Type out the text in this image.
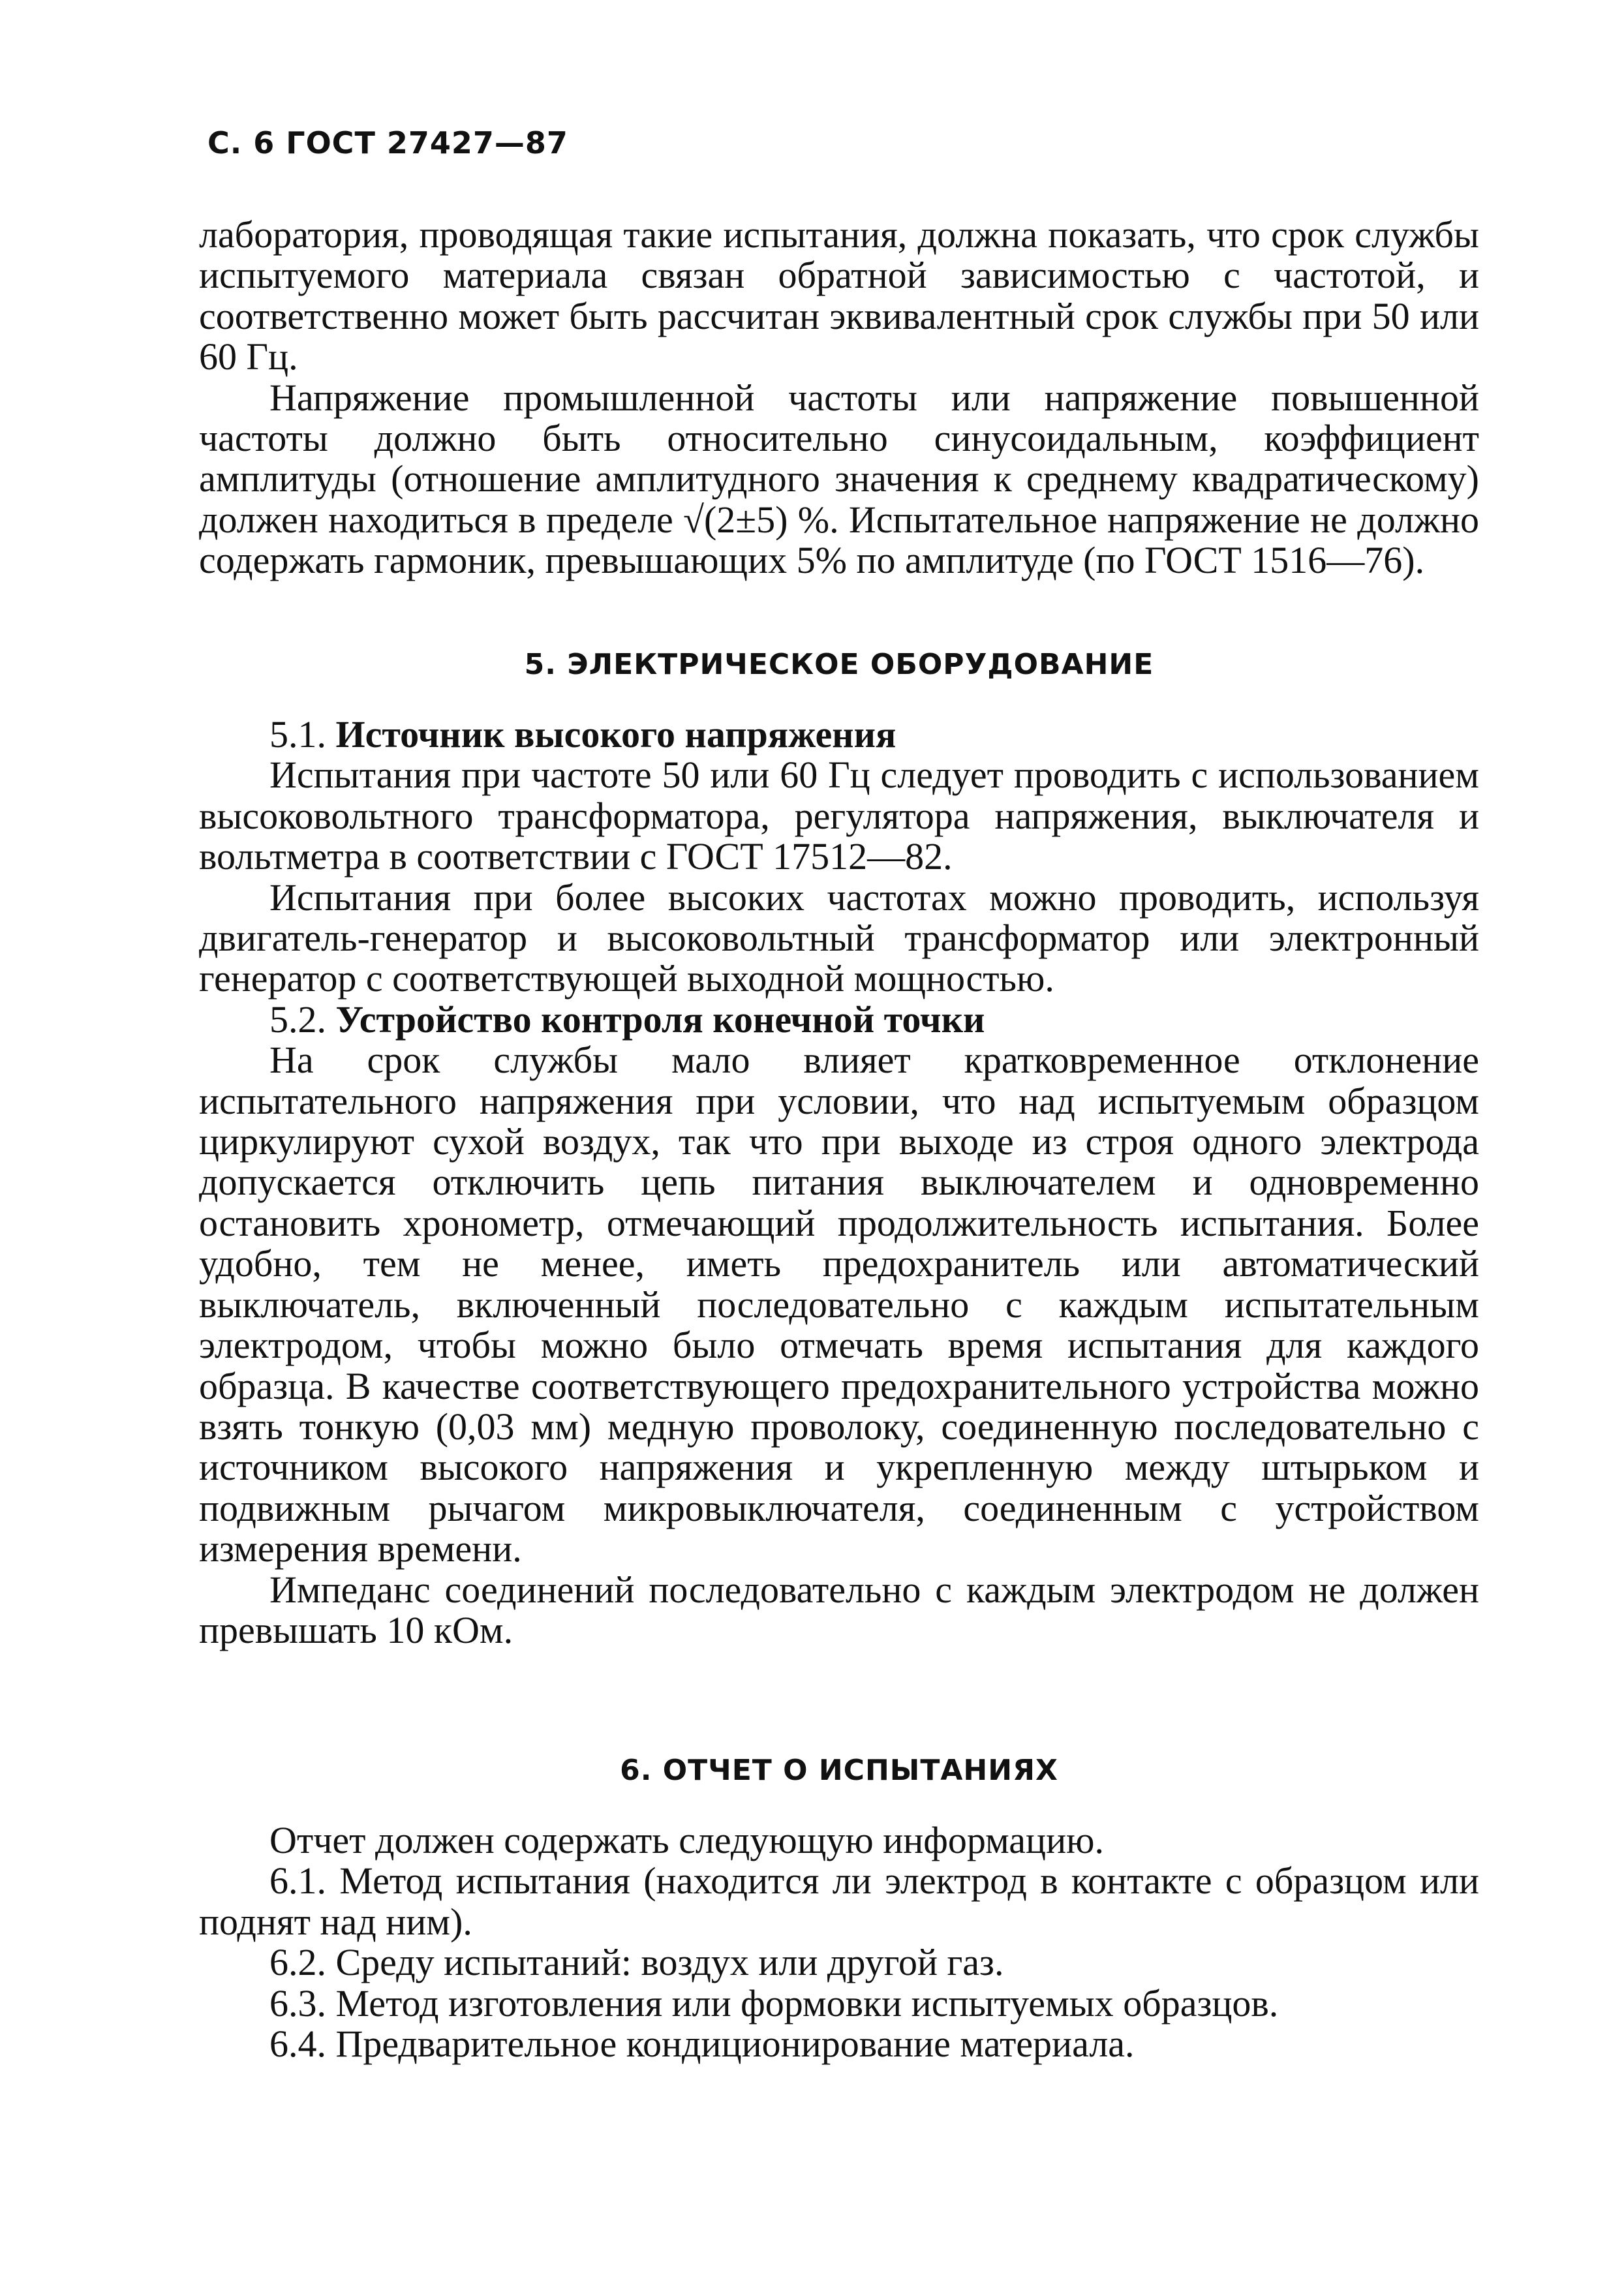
С. 6 ГОСТ 27427—87

лаборатория, проводящая такие испытания, должна показать, что срок службы испытуемого материала связан обратной зависимостью с частотой, и соответственно может быть рассчитан эквивалентный срок службы при 50 или 60 Гц.

Напряжение промышленной частоты или напряжение повышенной частоты должно быть относительно синусоидальным, коэффициент амплитуды (отношение амплитудного значения к среднему квадратическому) должен находиться в пределе √(2±5) %. Испытательное напряжение не должно содержать гармоник, превышающих 5% по амплитуде (по ГОСТ 1516—76).

5. ЭЛЕКТРИЧЕСКОЕ ОБОРУДОВАНИЕ

5.1. Источник высокого напряжения

Испытания при частоте 50 или 60 Гц следует проводить с использованием высоковольтного трансформатора, регулятора напряжения, выключателя и вольтметра в соответствии с ГОСТ 17512—82.

Испытания при более высоких частотах можно проводить, используя двигатель-генератор и высоковольтный трансформатор или электронный генератор с соответствующей выходной мощностью.

5.2. Устройство контроля конечной точки

На срок службы мало влияет кратковременное отклонение испытательного напряжения при условии, что над испытуемым образцом циркулируют сухой воздух, так что при выходе из строя одного электрода допускается отключить цепь питания выключателем и одновременно остановить хронометр, отмечающий продолжительность испытания. Более удобно, тем не менее, иметь предохранитель или автоматический выключатель, включенный последовательно с каждым испытательным электродом, чтобы можно было отмечать время испытания для каждого образца. В качестве соответствующего предохранительного устройства можно взять тонкую (0,03 мм) медную проволоку, соединенную последовательно с источником высокого напряжения и укрепленную между штырьком и подвижным рычагом микровыключателя, соединенным с устройством измерения времени.

Импеданс соединений последовательно с каждым электродом не должен превышать 10 кОм.

6. ОТЧЕТ О ИСПЫТАНИЯХ

Отчет должен содержать следующую информацию.

6.1. Метод испытания (находится ли электрод в контакте с образцом или поднят над ним).

6.2. Среду испытаний: воздух или другой газ.

6.3. Метод изготовления или формовки испытуемых образцов.

6.4. Предварительное кондиционирование материала.
